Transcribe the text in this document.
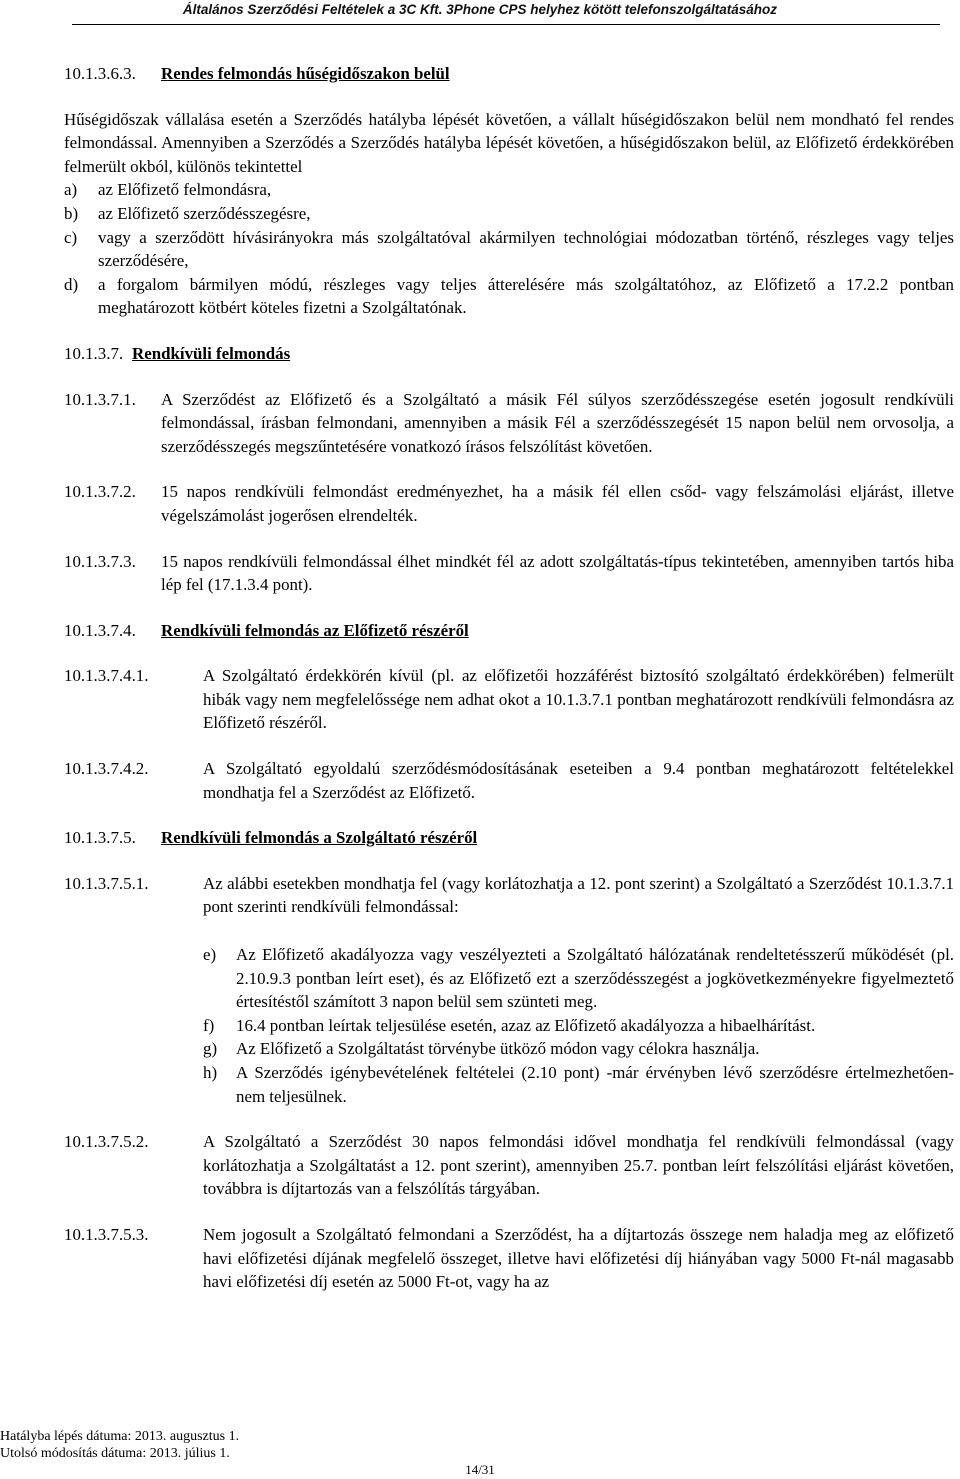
Általános Szerződési Feltételek a 3C Kft. 3Phone CPS helyhez kötött telefonszolgáltatásához
10.1.3.6.3.	Rendes felmondás hűségidőszakon belül

Hűségidőszak vállalása esetén a Szerződés hatályba lépését követően, a vállalt hűségidőszakon belül nem mondható fel rendes felmondással. Amennyiben a Szerződés a Szerződés hatályba lépését követően, a hűségidőszakon belül, az Előfizető érdekkörében felmerült okból, különös tekintettel

a)	az Előfizető felmondásra,
b)	az Előfizető szerződésszegésre,
c)	vagy a szerződött hívásirányokra más szolgáltatóval akármilyen technológiai módozatban történő, részleges vagy teljes szerződésére,
d)	a forgalom bármilyen módú, részleges vagy teljes átterelésére más szolgáltatóhoz, az Előfizető a 17.2.2 pontban meghatározott kötbért köteles fizetni a Szolgáltatónak.
10.1.3.7. Rendkívüli felmondás
10.1.3.7.1.	A Szerződést az Előfizető és a Szolgáltató a másik Fél súlyos szerződésszegése esetén jogosult rendkívüli felmondással, írásban felmondani, amennyiben a másik Fél a szerződésszegését 15 napon belül nem orvosolja, a szerződésszegés megszűntetésére vonatkozó írásos felszólítást követően.
10.1.3.7.2.	15 napos rendkívüli felmondást eredményezhet, ha a másik fél ellen csőd- vagy felszámolási eljárást, illetve végelszámolást jogerősen elrendelték.
10.1.3.7.3.	15 napos rendkívüli felmondással élhet mindkét fél az adott szolgáltatás-típus tekintetében, amennyiben tartós hiba lép fel (17.1.3.4 pont).
10.1.3.7.4.	Rendkívüli felmondás az Előfizető részéről
10.1.3.7.4.1.	A Szolgáltató érdekkörén kívül (pl. az előfizetői hozzáférést biztosító szolgáltató érdekkörében) felmerült hibák vagy nem megfelelőssége nem adhat okot a 10.1.3.7.1 pontban meghatározott rendkívüli felmondásra az Előfizető részéről.
10.1.3.7.4.2.	A Szolgáltató egyoldalú szerződésmódosításának eseteiben a 9.4 pontban meghatározott feltételekkel mondhatja fel a Szerződést az Előfizető.
10.1.3.7.5.	Rendkívüli felmondás a Szolgáltató részéről
10.1.3.7.5.1.	Az alábbi esetekben mondhatja fel (vagy korlátozhatja a 12. pont szerint) a Szolgáltató a Szerződést 10.1.3.7.1 pont szerinti rendkívüli felmondással:
e)	Az Előfizető akadályozza vagy veszélyezteti a Szolgáltató hálózatának rendeltetésszerű működését (pl. 2.10.9.3 pontban leírt eset), és az Előfizető ezt a szerződésszegést a jogkövetkezményekre figyelmeztető értesítéstől számított 3 napon belül sem szünteti meg.
f)	16.4 pontban leírtak teljesülése esetén, azaz az Előfizető akadályozza a hibaelhárítást.
g)	Az Előfizető a Szolgáltatást törvénybe ütköző módon vagy célokra használja.
h)	A Szerződés igénybevételének feltételei (2.10 pont) -már érvényben lévő szerződésre értelmezhetően- nem teljesülnek.
10.1.3.7.5.2.	A Szolgáltató a Szerződést 30 napos felmondási idővel mondhatja fel rendkívüli felmondással (vagy korlátozhatja a Szolgáltatást a 12. pont szerint), amennyiben 25.7. pontban leírt felszólítási eljárást követően, továbbra is díjtartozás van a felszólítás tárgyában.
10.1.3.7.5.3.	Nem jogosult a Szolgáltató felmondani a Szerződést, ha a díjtartozás összege nem haladja meg az előfizető havi előfizetési díjának megfelelő összeget, illetve havi előfizetési díj hiányában vagy 5000 Ft-nál magasabb havi előfizetési díj esetén az 5000 Ft-ot, vagy ha az
Hatályba lépés dátuma: 2013. augusztus 1.
Utolsó módosítás dátuma: 2013. július 1.
14/31
